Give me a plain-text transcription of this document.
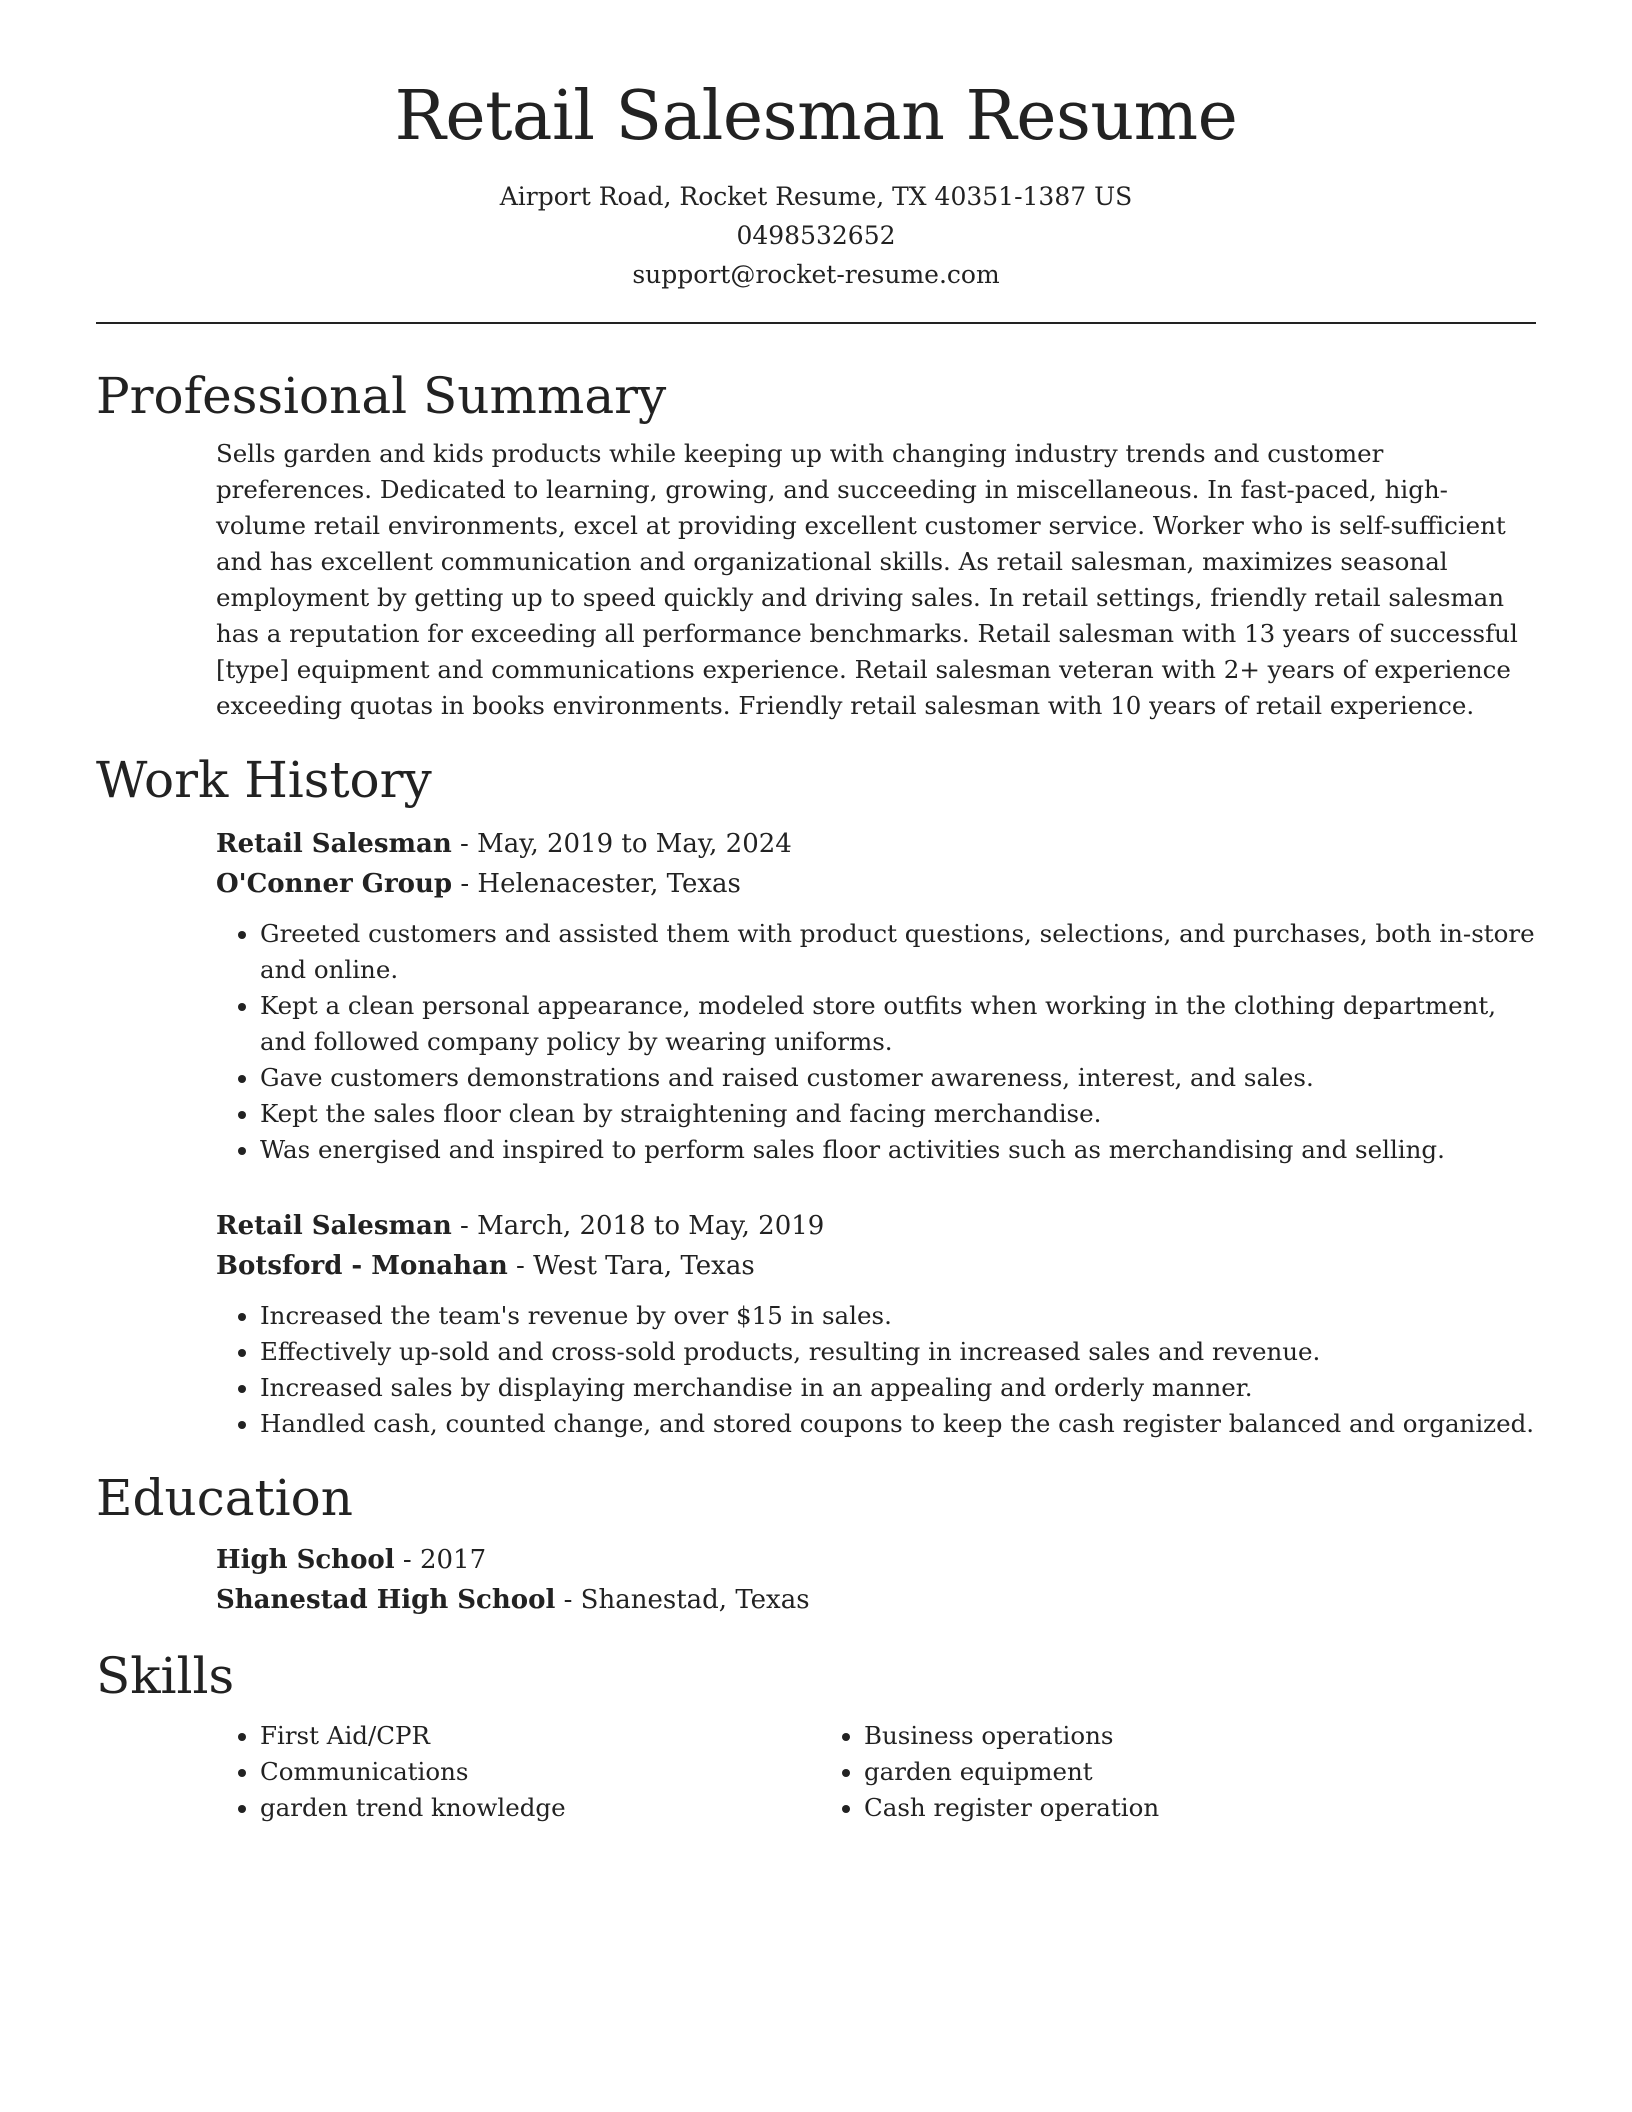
Retail Salesman Resume
Airport Road, Rocket Resume, TX 40351-1387 US
0498532652
support@rocket-resume.com
Professional Summary

Sells garden and kids products while keeping up with changing industry trends and customer preferences. Dedicated to learning, growing, and succeeding in miscellaneous. In fast-paced, high-volume retail environments, excel at providing excellent customer service. Worker who is self-sufficient and has excellent communication and organizational skills. As retail salesman, maximizes seasonal employment by getting up to speed quickly and driving sales. In retail settings, friendly retail salesman has a reputation for exceeding all performance benchmarks. Retail salesman with 13 years of successful [type] equipment and communications experience. Retail salesman veteran with 2+ years of experience exceeding quotas in books environments. Friendly retail salesman with 10 years of retail experience.

Work History
Retail Salesman - May, 2019 to May, 2024
O'Conner Group - Helenacester, Texas
• Greeted customers and assisted them with product questions, selections, and purchases, both in-store and online.
• Kept a clean personal appearance, modeled store outfits when working in the clothing department, and followed company policy by wearing uniforms.
• Gave customers demonstrations and raised customer awareness, interest, and sales.
• Kept the sales floor clean by straightening and facing merchandise.
• Was energised and inspired to perform sales floor activities such as merchandising and selling.
Retail Salesman - March, 2018 to May, 2019
Botsford - Monahan - West Tara, Texas
• Increased the team's revenue by over $15 in sales.
• Effectively up-sold and cross-sold products, resulting in increased sales and revenue.
• Increased sales by displaying merchandise in an appealing and orderly manner.
• Handled cash, counted change, and stored coupons to keep the cash register balanced and organized.
Education
High School - 2017
Shanestad High School - Shanestad, Texas
Skills
• First Aid/CPR
• Communications
• garden trend knowledge
• Business operations
• garden equipment
• Cash register operation
